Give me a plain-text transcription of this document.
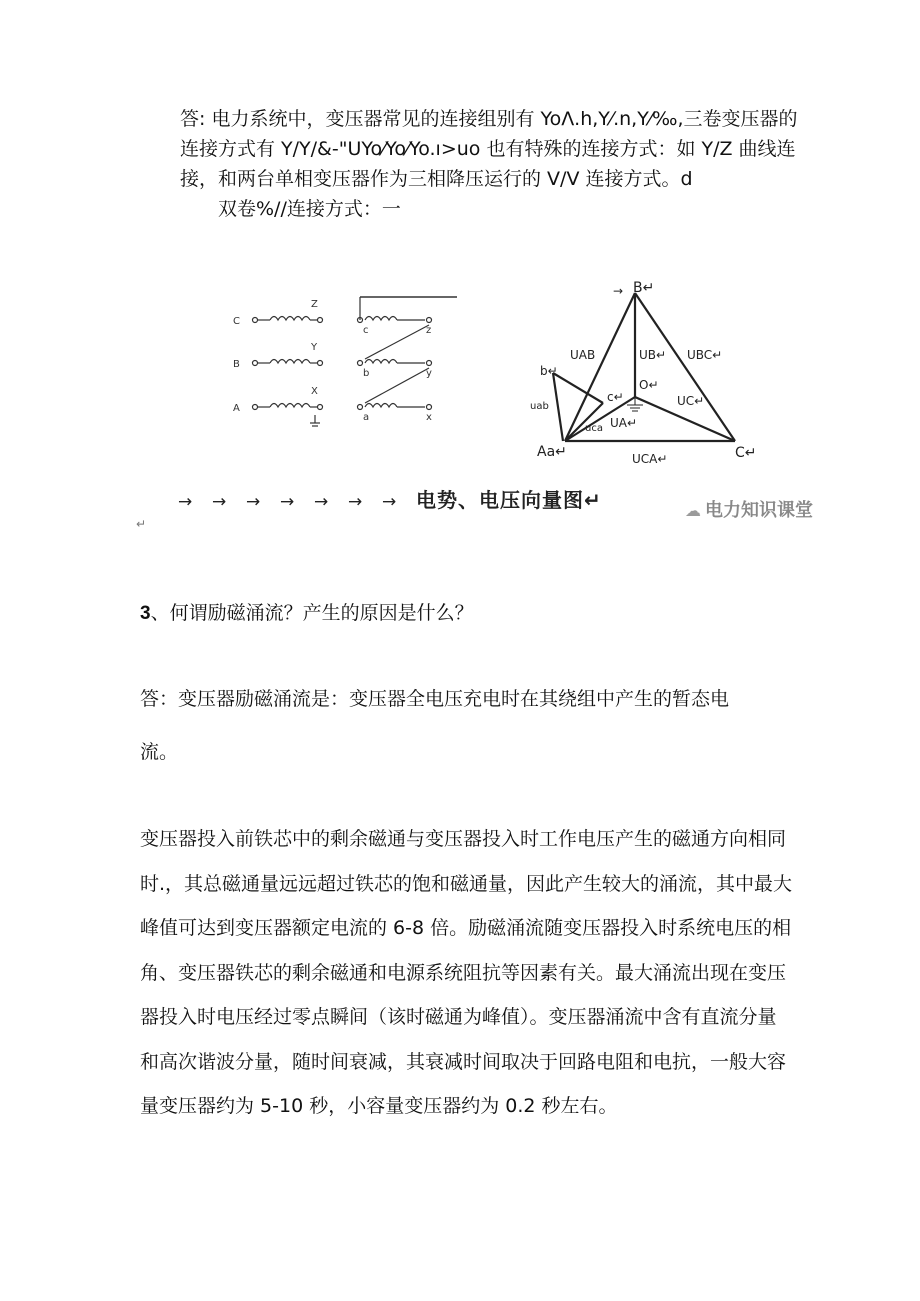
答: 电力系统中，变压器常见的连接组别有 YoΛ.h,Y⁄.n,Y⁄‰,三卷变压器的
连接方式有 Y/Y/&-"UYo⁄Yo⁄Yo.ı>uo 也有特殊的连接方式：如 Y/Z 曲线连
接，和两台单相变压器作为三相降压运行的 V/V 连接方式。d
双卷%//连接方式：一
C
B
A
Z
Y
X
c	z
b	y
a	x
→ B↵
UAB	UB↵ UBC↵
b↵
O↵
c↵	UC↵
uab
uca UA↵
Aa↵	UCA↵	C↵
→ → → → → → → 电势、电压向量图↵	☁ 电力知识课堂
↵
3、何谓励磁涌流？产生的原因是什么？
答：变压器励磁涌流是：变压器全电压充电时在其绕组中产生的暂态电
流。
变压器投入前铁芯中的剩余磁通与变压器投入时工作电压产生的磁通方向相同
时.，其总磁通量远远超过铁芯的饱和磁通量，因此产生较大的涌流，其中最大
峰值可达到变压器额定电流的 6-8 倍。励磁涌流随变压器投入时系统电压的相
角、变压器铁芯的剩余磁通和电源系统阻抗等因素有关。最大涌流出现在变压
器投入时电压经过零点瞬间（该时磁通为峰值）。变压器涌流中含有直流分量
和高次谐波分量，随时间衰减，其衰减时间取决于回路电阻和电抗，一般大容
量变压器约为 5-10 秒，小容量变压器约为 0.2 秒左右。
